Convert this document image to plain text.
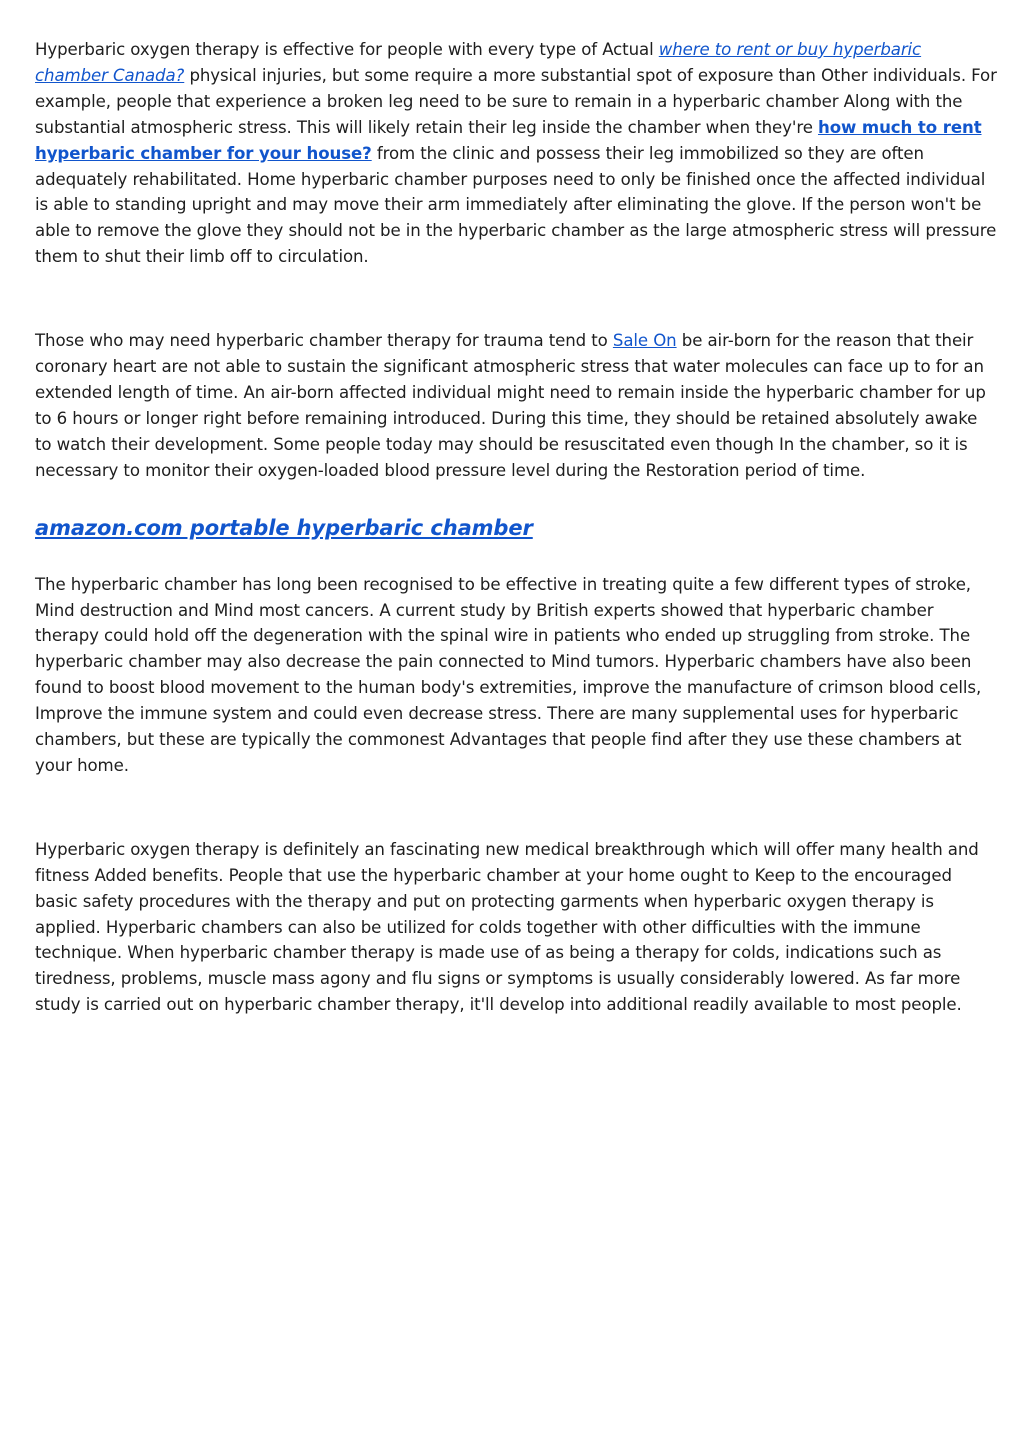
Hyperbaric oxygen therapy is effective for people with every type of Actual where to rent or buy hyperbaric chamber Canada? physical injuries, but some require a more substantial spot of exposure than Other individuals. For example, people that experience a broken leg need to be sure to remain in a hyperbaric chamber Along with the substantial atmospheric stress. This will likely retain their leg inside the chamber when they're how much to rent hyperbaric chamber for your house? from the clinic and possess their leg immobilized so they are often adequately rehabilitated. Home hyperbaric chamber purposes need to only be finished once the affected individual is able to standing upright and may move their arm immediately after eliminating the glove. If the person won't be able to remove the glove they should not be in the hyperbaric chamber as the large atmospheric stress will pressure them to shut their limb off to circulation.

Those who may need hyperbaric chamber therapy for trauma tend to Sale On be air-born for the reason that their coronary heart are not able to sustain the significant atmospheric stress that water molecules can face up to for an extended length of time. An air-born affected individual might need to remain inside the hyperbaric chamber for up to 6 hours or longer right before remaining introduced. During this time, they should be retained absolutely awake to watch their development. Some people today may should be resuscitated even though In the chamber, so it is necessary to monitor their oxygen-loaded blood pressure level during the Restoration period of time.

amazon.com portable hyperbaric chamber

The hyperbaric chamber has long been recognised to be effective in treating quite a few different types of stroke, Mind destruction and Mind most cancers. A current study by British experts showed that hyperbaric chamber therapy could hold off the degeneration with the spinal wire in patients who ended up struggling from stroke. The hyperbaric chamber may also decrease the pain connected to Mind tumors. Hyperbaric chambers have also been found to boost blood movement to the human body's extremities, improve the manufacture of crimson blood cells, Improve the immune system and could even decrease stress. There are many supplemental uses for hyperbaric chambers, but these are typically the commonest Advantages that people find after they use these chambers at your home.

Hyperbaric oxygen therapy is definitely an fascinating new medical breakthrough which will offer many health and fitness Added benefits. People that use the hyperbaric chamber at your home ought to Keep to the encouraged basic safety procedures with the therapy and put on protecting garments when hyperbaric oxygen therapy is applied. Hyperbaric chambers can also be utilized for colds together with other difficulties with the immune technique. When hyperbaric chamber therapy is made use of as being a therapy for colds, indications such as tiredness, problems, muscle mass agony and flu signs or symptoms is usually considerably lowered. As far more study is carried out on hyperbaric chamber therapy, it'll develop into additional readily available to most people.
